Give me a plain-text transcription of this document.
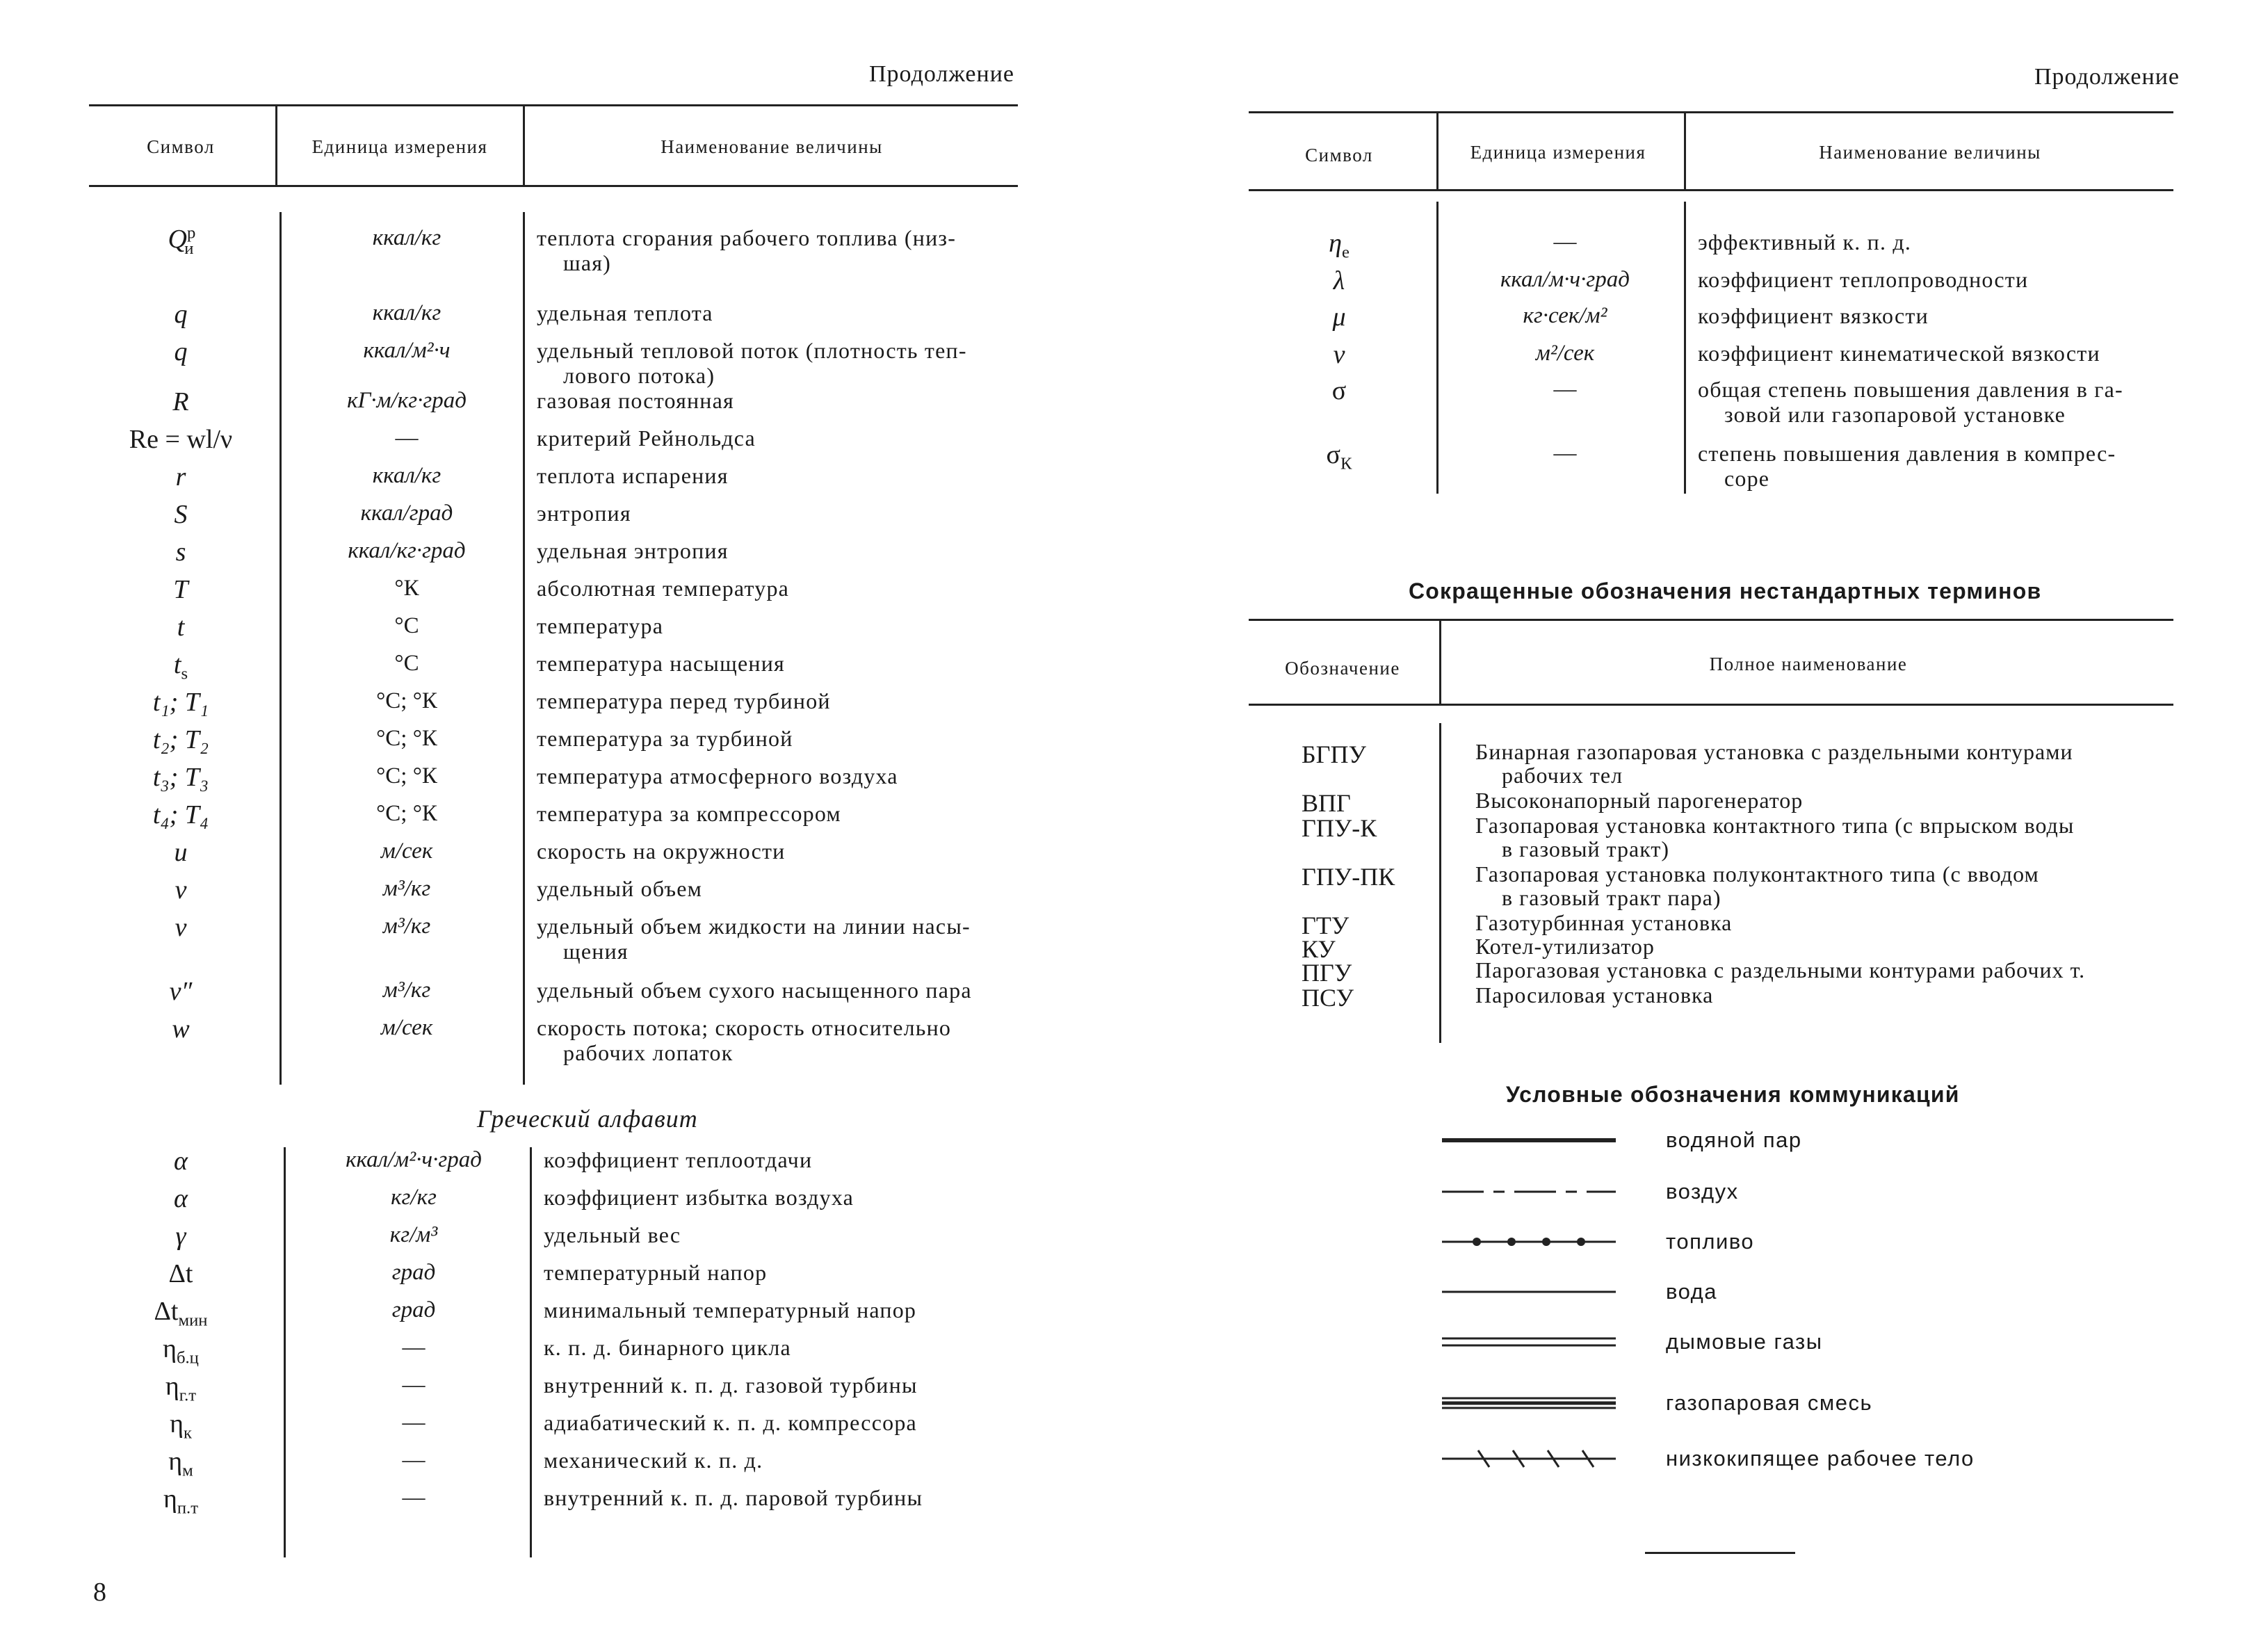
Продолжение
Символ	Единица измерения	Наименование величины
$Q^р_и$	ккал/кг	теплота сгорания рабочего топлива (низ-
шая)
q	ккал/кг	удельная теплота
q	ккал/м²·ч	удельный тепловой поток (плотность теп-
лового потока)
R	кГ·м/кг·град	газовая постоянная
Re = wl/ν	—	критерий Рейнольдса
r	ккал/кг	теплота испарения
S	ккал/град	энтропия
s	ккал/кг·град	удельная энтропия
T	°К	абсолютная температура
t	°С	температура
$t_s$	°С	температура насыщения
t₁; T₁	°С; °К	температура перед турбиной
t₂; T₂	°С; °К	температура за турбиной
t₃; T₃	°С; °К	температура атмосферного воздуха
t₄; T₄	°С; °К	температура за компрессором
u	м/сек	скорость на окружности
v	м³/кг	удельный объем
v	м³/кг	удельный объем жидкости на линии насы-
щения
v″	м³/кг	удельный объем сухого насыщенного пара
w	м/сек	скорость потока; скорость относительно
рабочих лопаток
Греческий алфавит
α	ккал/м²·ч·град	коэффициент теплоотдачи
α	кг/кг	коэффициент избытка воздуха
γ	кг/м³	удельный вес
Δt	град	температурный напор
$\Delta t_{мин}$	град	минимальный температурный напор
$\eta_{б.ц}$	—	к. п. д. бинарного цикла
$\eta_{г.т}$	—	внутренний к. п. д. газовой турбины
$\eta_к$	—	адиабатический к. п. д. компрессора
$\eta_м$	—	механический к. п. д.
$\eta_{п.т}$	—	внутренний к. п. д. паровой турбины
8
Продолжение
Символ	Единица измерения	Наименование величины
$\eta_e$	—	эффективный к. п. д.
λ	ккал/м·ч·град	коэффициент теплопроводности
μ	кг·сек/м²	коэффициент вязкости
ν	м²/сек	коэффициент кинематической вязкости
σ	—	общая степень повышения давления в га-
зовой или газопаровой установке
$\sigma_К$	—	степень повышения давления в компрес-
соре
Сокращенные обозначения нестандартных терминов
Обозначение	Полное наименование
БГПУ	Бинарная газопаровая установка с раздельными контурами
рабочих тел
ВПГ	Высоконапорный парогенератор
ГПУ-К	Газопаровая установка контактного типа (с впрыском воды
в газовый тракт)
ГПУ-ПК	Газопаровая установка полуконтактного типа (с вводом
в газовый тракт пара)
ГТУ	Газотурбинная установка
КУ	Котел-утилизатор
ПГУ	Парогазовая установка с раздельными контурами рабочих т.
ПСУ	Паросиловая установка
Условные обозначения коммуникаций
водяной пар
воздух
топливо
вода
дымовые газы
газопаровая смесь
низкокипящее рабочее тело
